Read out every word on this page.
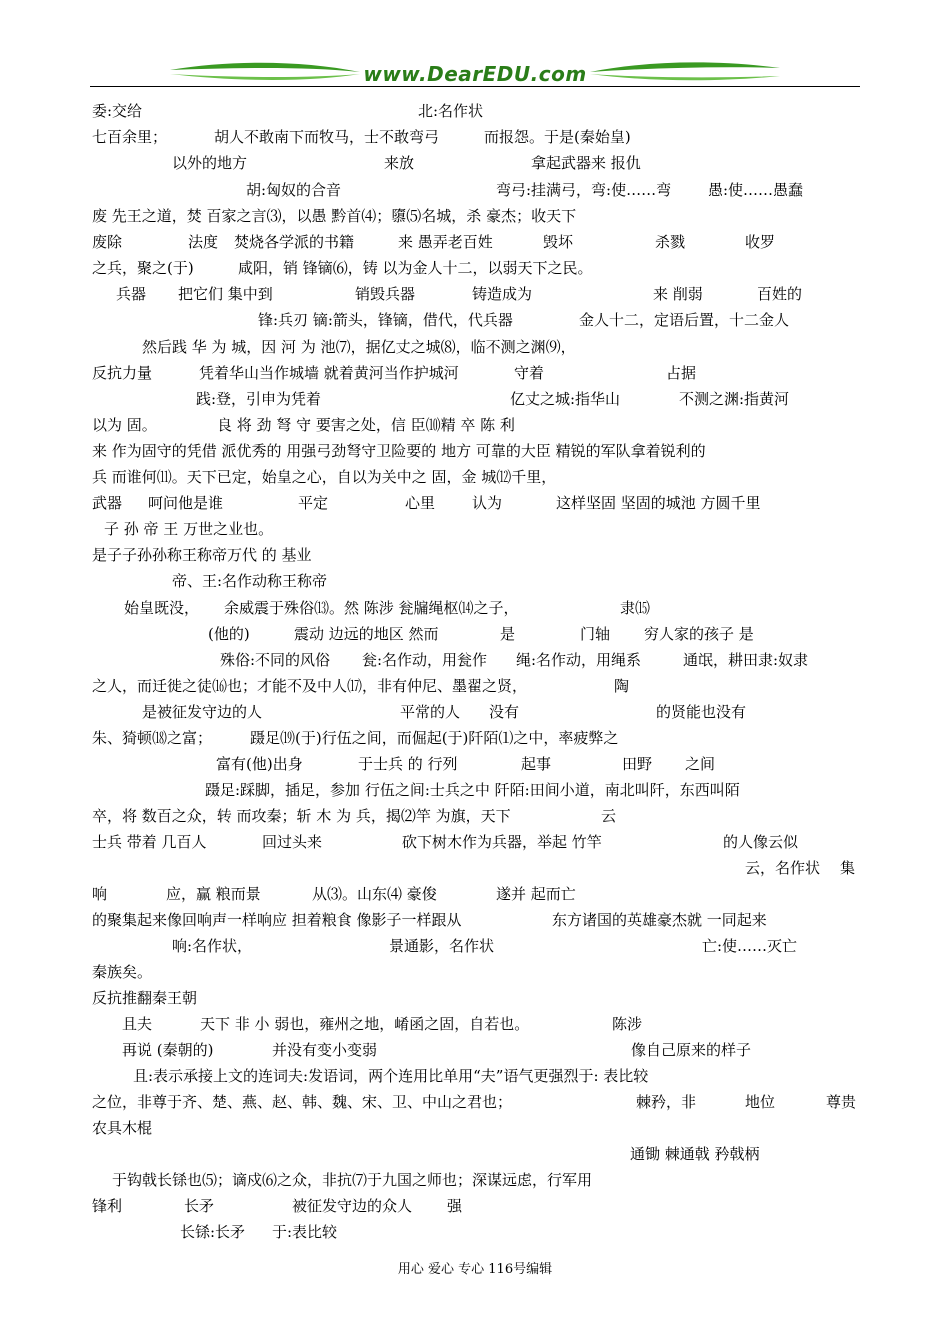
www.DearEDU.com
委:交给	北:名作状
七百余里；	胡人不敢南下而牧马，士不敢弯弓	而报怨。于是(秦始皇)
以外的地方	来放	拿起武器来 报仇
胡:匈奴的合音	弯弓:挂满弓，弯:使……弯 愚:使……愚蠢
废 先王之道，焚 百家之言⑶，以愚 黔首⑷；隳⑸名城，杀 豪杰；收天下
废除	法度 焚烧各学派的书籍	来 愚弄老百姓	毁坏	杀戮	收罗
之兵，聚之(于)	咸阳，销 锋镝⑹，铸 以为金人十二，以弱天下之民。
兵器 把它们 集中到	销毁兵器	铸造成为	来 削弱	百姓的
锋:兵刃 镝:箭头，锋镝，借代，代兵器	金人十二，定语后置，十二金人
然后践 华 为 城，因 河 为 池⑺，据亿丈之城⑻，临不测之渊⑼，
反抗力量	凭着华山当作城墙 就着黄河当作护城河	守着	占据
践:登，引申为凭着	亿丈之城:指华山	不测之渊:指黄河
以为 固。	良 将 劲 弩 守 要害之处，信 臣⑽精 卒 陈 利
来 作为固守的凭借 派优秀的 用强弓劲弩守卫险要的 地方 可靠的大臣 精锐的军队拿着锐利的
兵 而谁何⑾。天下已定，始皇之心，自以为关中之 固，金 城⑿千里，
武器 呵问他是谁	平定	心里 认为	这样坚固 坚固的城池 方圆千里
子 孙 帝 王 万世之业也。
是子子孙孙称王称帝万代 的 基业
帝、王:名作动称王称帝
始皇既没， 余威震于殊俗⒀。然 陈涉 瓮牖绳枢⒁之子，	隶⒂
(他的)	震动 边远的地区 然而	是	门轴 穷人家的孩子 是
殊俗:不同的风俗 瓮:名作动，用瓮作 绳:名作动，用绳系	通氓，耕田隶:奴隶
之人，而迁徙之徒⒃也；才能不及中人⒄，非有仲尼、墨翟之贤，	陶
是被征发守边的人	平常的人 没有	的贤能也没有
朱、猗顿⒅之富；	蹑足⒆(于)行伍之间，而倔起(于)阡陌⑴之中，率疲弊之
富有(他)出身	于士兵 的 行列	起事	田野 之间
蹑足:踩脚，插足，参加 行伍之间:士兵之中 阡陌:田间小道，南北叫阡，东西叫陌
卒，将 数百之众，转 而攻秦；斩 木 为 兵，揭⑵竿 为旗，天下	云
士兵 带着 几百人	回过头来	砍下树木作为兵器，举起 竹竿	的人像云似
云，名作状 集
响	应，赢 粮而景	从⑶。山东⑷ 豪俊	遂并 起而亡
的聚集起来像回响声一样响应 担着粮食 像影子一样跟从	东方诸国的英雄豪杰就 一同起来
响:名作状，	景通影，名作状	亡:使……灭亡
秦族矣。
反抗推翻秦王朝
且夫	天下 非 小 弱也，雍州之地，崤函之固，自若也。	陈涉
再说 (秦朝的)	并没有变小变弱	像自己原来的样子
且:表示承接上文的连词夫:发语词，两个连用比单用“夫”语气更强烈于: 表比较
之位，非尊于齐、楚、燕、赵、韩、魏、宋、卫、中山之君也；	棘矜，非	地位	尊贵
农具木棍
通锄 棘通戟 矜戟柄
于钩戟长铩也⑸；谪戍⑹之众，非抗⑺于九国之师也；深谋远虑，行军用
锋利	长矛	被征发守边的众人 强
长铩:长矛 于:表比较
用心 爱心 专心 116号编辑
